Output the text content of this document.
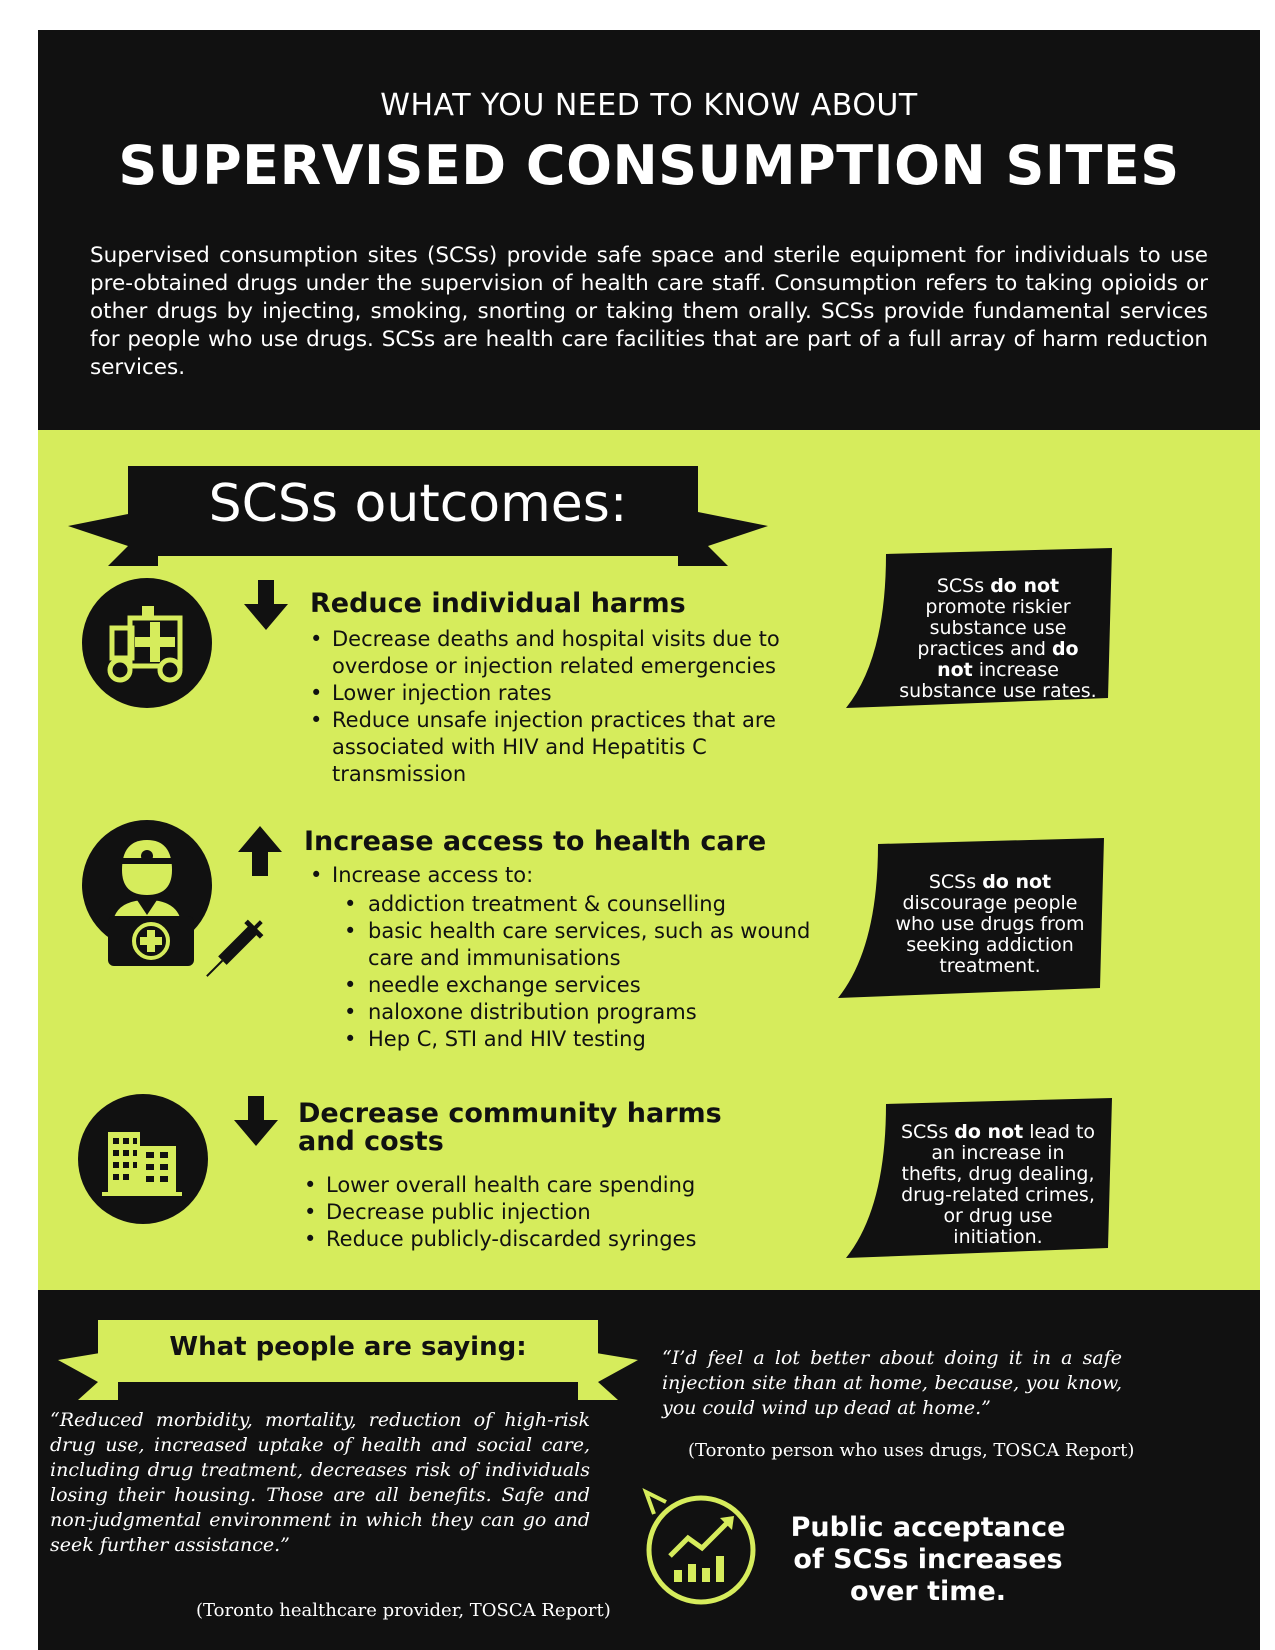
WHAT YOU NEED TO KNOW ABOUT
SUPERVISED CONSUMPTION SITES
Supervised consumption sites (SCSs) provide safe space and sterile equipment for individuals to use pre-obtained drugs under the supervision of health care staff. Consumption refers to taking opioids or other drugs by injecting, smoking, snorting or taking them orally. SCSs provide fundamental services for people who use drugs. SCSs are health care facilities that are part of a full array of harm reduction services.
SCSs outcomes:
Reduce individual harms
• Decrease deaths and hospital visits due to overdose or injection related emergencies
• Lower injection rates
• Reduce unsafe injection practices that are associated with HIV and Hepatitis C transmission
Increase access to health care
• Increase access to:
• addiction treatment & counselling
• basic health care services, such as wound care and immunisations
• needle exchange services
• naloxone distribution programs
• Hep C, STI and HIV testing
Decrease community harms and costs
• Lower overall health care spending
• Decrease public injection
• Reduce publicly-discarded syringes
SCSs do not promote riskier substance use practices and do not increase substance use rates.
SCSs do not discourage people who use drugs from seeking addiction treatment.
SCSs do not lead to an increase in thefts, drug dealing, drug-related crimes, or drug use initiation.
What people are saying:
“Reduced morbidity, mortality, reduction of high-risk drug use, increased uptake of health and social care, including drug treatment, decreases risk of individuals losing their housing. Those are all benefits. Safe and non-judgmental environment in which they can go and seek further assistance.”
(Toronto healthcare provider, TOSCA Report)
“I’d feel a lot better about doing it in a safe injection site than at home, because, you know, you could wind up dead at home.”
(Toronto person who uses drugs, TOSCA Report)
Public acceptance of SCSs increases over time.
